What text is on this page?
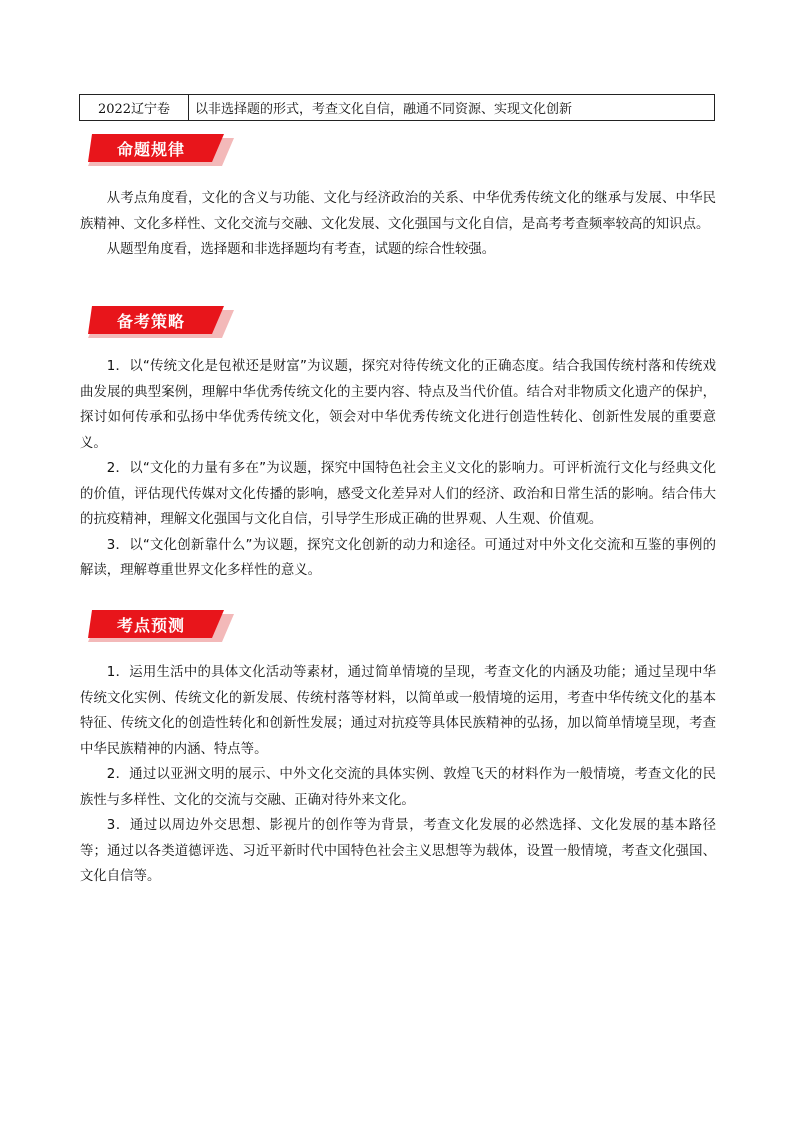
2022辽宁卷	以非选择题的形式，考查文化自信，融通不同资源、实现文化创新
命题规律

从考点角度看，文化的含义与功能、文化与经济政治的关系、中华优秀传统文化的继承与发展、中华民族精神、文化多样性、文化交流与交融、文化发展、文化强国与文化自信，是高考考查频率较高的知识点。

从题型角度看，选择题和非选择题均有考查，试题的综合性较强。

备考策略

1．以“传统文化是包袱还是财富”为议题，探究对待传统文化的正确态度。结合我国传统村落和传统戏曲发展的典型案例，理解中华优秀传统文化的主要内容、特点及当代价值。结合对非物质文化遗产的保护，探讨如何传承和弘扬中华优秀传统文化，领会对中华优秀传统文化进行创造性转化、创新性发展的重要意义。

2．以“文化的力量有多在”为议题，探究中国特色社会主义文化的影响力。可评析流行文化与经典文化的价值，评估现代传媒对文化传播的影响，感受文化差异对人们的经济、政治和日常生活的影响。结合伟大的抗疫精神，理解文化强国与文化自信，引导学生形成正确的世界观、人生观、价值观。

3．以“文化创新靠什么”为议题，探究文化创新的动力和途径。可通过对中外文化交流和互鉴的事例的解读，理解尊重世界文化多样性的意义。

考点预测

1．运用生活中的具体文化活动等素材，通过简单情境的呈现，考查文化的内涵及功能；通过呈现中华传统文化实例、传统文化的新发展、传统村落等材料，以简单或一般情境的运用，考查中华传统文化的基本特征、传统文化的创造性转化和创新性发展；通过对抗疫等具体民族精神的弘扬，加以简单情境呈现，考查中华民族精神的内涵、特点等。

2．通过以亚洲文明的展示、中外文化交流的具体实例、敦煌飞天的材料作为一般情境，考查文化的民族性与多样性、文化的交流与交融、正确对待外来文化。

3．通过以周边外交思想、影视片的创作等为背景，考查文化发展的必然选择、文化发展的基本路径等；通过以各类道德评选、习近平新时代中国特色社会主义思想等为载体，设置一般情境，考查文化强国、文化自信等。
